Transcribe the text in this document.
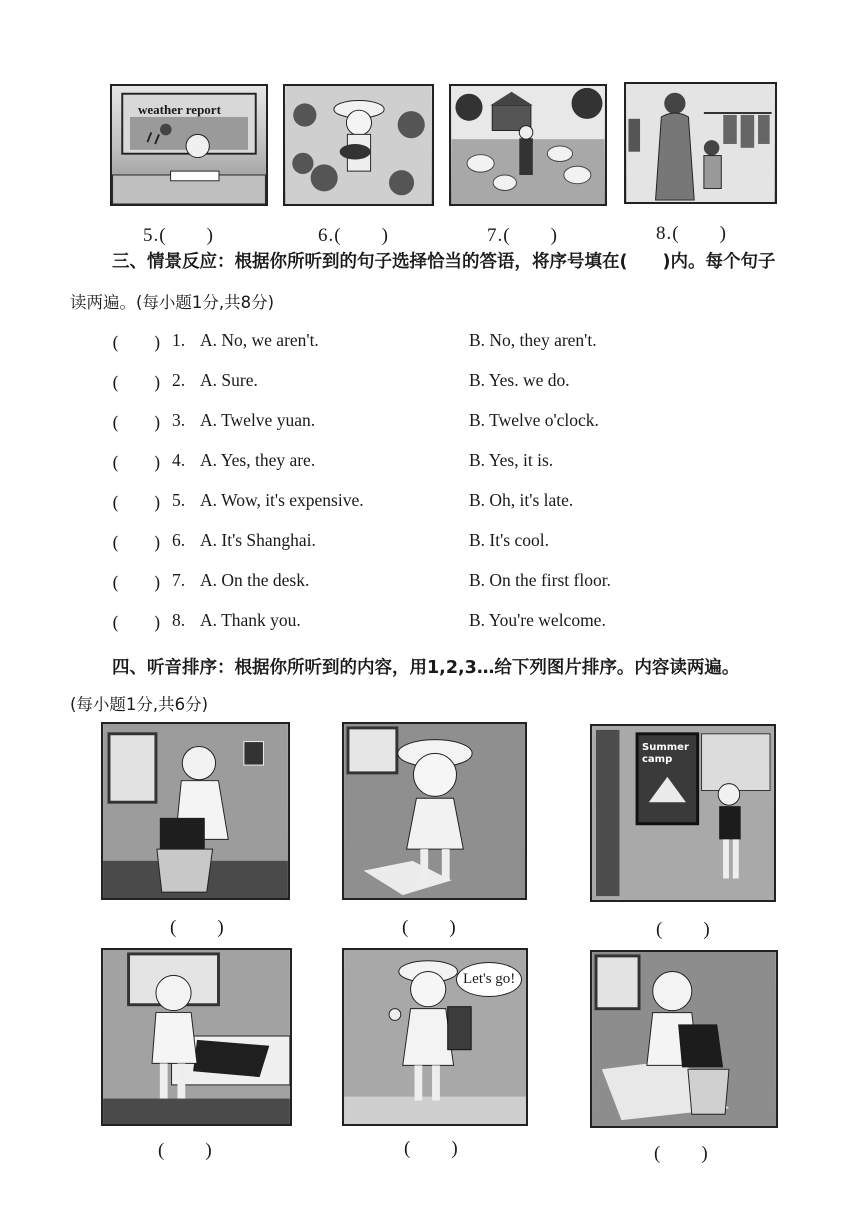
weather report
5.(　　)	6.(　　)	7.(　　)	8.(　　)
三、情景反应：根据你所听到的句子选择恰当的答语，将序号填在(　　)内。每个句子
读两遍。(每小题1分,共8分)
(　　) 1. A. No, we aren't.	B. No, they aren't.
(　　) 2. A. Sure.	B. Yes. we do.
(　　) 3. A. Twelve yuan.	B. Twelve o'clock.
(　　) 4. A. Yes, they are.	B. Yes, it is.
(　　) 5. A. Wow, it's expensive.	B. Oh, it's late.
(　　) 6. A. It's Shanghai.	B. It's cool.
(　　) 7. A. On the desk.	B. On the first floor.
(　　) 8. A. Thank you.	B. You're welcome.
四、听音排序：根据你所听到的内容，用1,2,3…给下列图片排序。内容读两遍。
(每小题1分,共6分)
(　　)	(　　)
Summer camp
(　　)
(　　)
Let's go!
(　　)	(　　)
